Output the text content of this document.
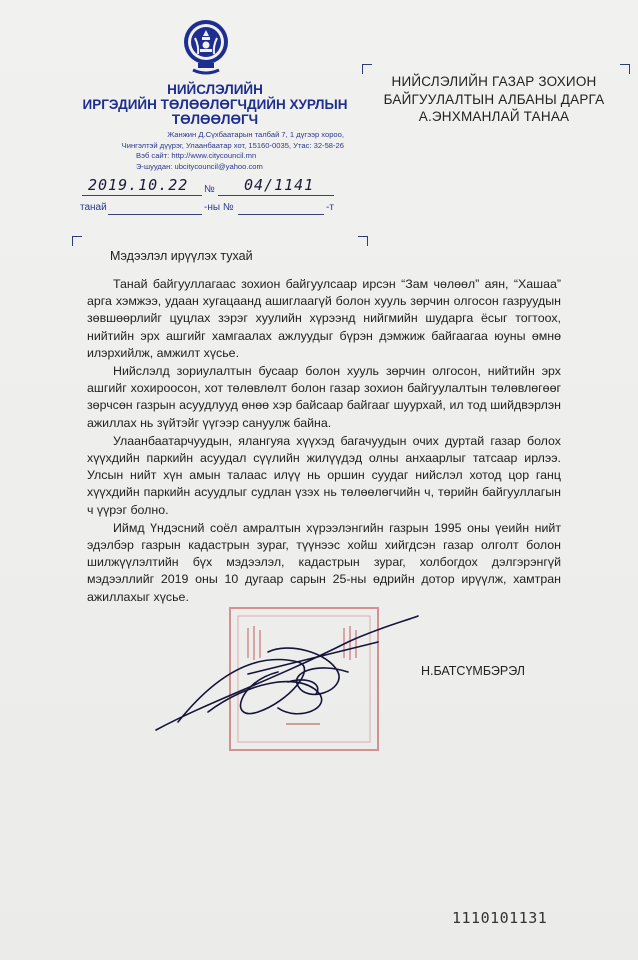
НИЙСЛЭЛИЙН
ИРГЭДИЙН ТӨЛӨӨЛӨГЧДИЙН ХУРЛЫН
ТӨЛӨӨЛӨГЧ
Жанжин Д.Сүхбаатарын талбай 7, 1 дүгээр хороо,
Чингэлтэй дүүрэг, Улаанбаатар хот, 15160-0035, Утас: 32-58-26
Вэб сайт: http://www.citycouncil.mn
Э-шуудан: ubcitycouncil@yahoo.com
НИЙСЛЭЛИЙН ГАЗАР ЗОХИОН
БАЙГУУЛАЛТЫН АЛБАНЫ ДАРГА
А.ЭНХМАНЛАЙ ТАНАА
2019.10.22 № 04/1141
танай	-ны №	-т
Мэдээлэл ирүүлэх тухай

Танай байгууллагаас зохион байгуулсаар ирсэн “Зам чөлөөл” аян, “Хашаа” арга хэмжээ, удаан хугацаанд ашиглаагүй болон хууль зөрчин олгосон газруудын зөвшөөрлийг цуцлах зэрэг хуулийн хүрээнд нийгмийн шударга ёсыг тогтоох, нийтийн эрх ашгийг хамгаалах ажлуудыг бүрэн дэмжиж байгаагаа юуны өмнө илэрхийлж, амжилт хүсье.

Нийслэлд зориулалтын бусаар болон хууль зөрчин олгосон, нийтийн эрх ашгийг хохироосон, хот төлөвлөлт болон газар зохион байгуулалтын төлөвлөгөөг зөрчсөн газрын асуудлууд өнөө хэр байсаар байгааг шуурхай, ил тод шийдвэрлэн ажиллах нь зүйтэйг үүгээр сануулж байна.

Улаанбаатарчуудын, ялангуяа хүүхэд багачуудын очих дуртай газар болох хүүхдийн паркийн асуудал сүүлийн жилүүдэд олны анхаарлыг татсаар ирлээ. Улсын нийт хүн амын талаас илүү нь оршин суудаг нийслэл хотод цор ганц хүүхдийн паркийн асуудлыг судлан үзэх нь төлөөлөгчийн ч, төрийн байгууллагын ч үүрэг болно.

Иймд Үндэсний соёл амралтын хүрээлэнгийн газрын 1995 оны үеийн нийт эдэлбэр газрын кадастрын зураг, түүнээс хойш хийгдсэн газар олголт болон шилжүүлэлтийн бүх мэдээлэл, кадастрын зураг, холбогдох дэлгэрэнгүй мэдээллийг 2019 оны 10 дугаар сарын 25-ны өдрийн дотор ирүүлж, хамтран ажиллахыг хүсье.

Н.БАТСҮМБЭРЭЛ
1110101131
